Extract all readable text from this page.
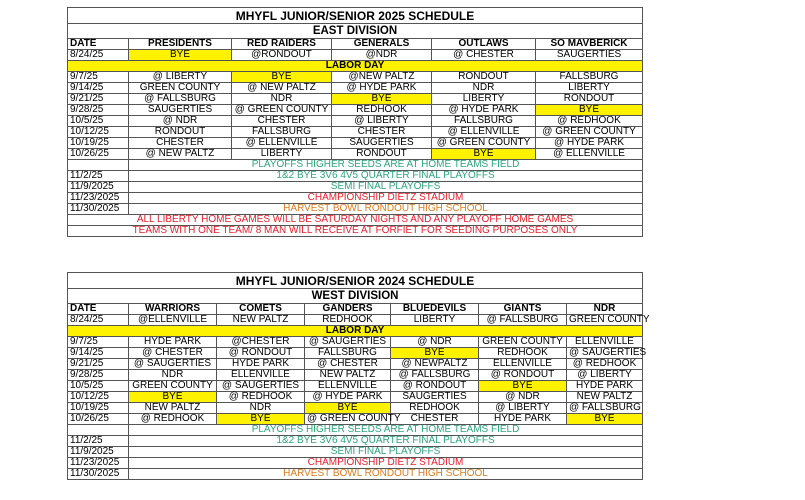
MHYFL JUNIOR/SENIOR 2025 SCHEDULE					
EAST DIVISION					
DATE	PRESIDENTS	RED RAIDERS	GENERALS	OUTLAWS	SO MAVBERICK
8/24/25	BYE	@RONDOUT	@NDR	@ CHESTER	SAUGERTIES
LABOR DAY					
9/7/25	@ LIBERTY	BYE	@NEW PALTZ	RONDOUT	FALLSBURG
9/14/25	GREEN COUNTY	@ NEW PALTZ	@ HYDE PARK	NDR	LIBERTY
9/21/25	@ FALLSBURG	NDR	BYE	LIBERTY	RONDOUT
9/28/25	SAUGERTIES	@ GREEN COUNTY	REDHOOK	@ HYDE PARK	BYE
10/5/25	@ NDR	CHESTER	@ LIBERTY	FALLSBURG	@ REDHOOK
10/12/25	RONDOUT	FALLSBURG	CHESTER	@ ELLENVILLE	@ GREEN COUNTY
10/19/25	CHESTER	@ ELLENVILLE	SAUGERTIES	@ GREEN COUNTY	@ HYDE PARK
10/26/25	@ NEW PALTZ	LIBERTY	RONDOUT	BYE	@ ELLENVILLE
	PLAYOFFS HIGHER SEEDS ARE AT HOME TEAMS FIELD				
11/2/25	1&2 BYE 3V6 4V5 QUARTER FINAL PLAYOFFS				
11/9/2025	SEMI FINAL PLAYOFFS				
11/23/2025	CHAMPIONSHIP DIETZ STADIUM				
11/30/2025	HARVEST BOWL RONDOUT HIGH SCHOOL				
ALL LIBERTY HOME GAMES WILL BE SATURDAY NIGHTS AND ANY PLAYOFF HOME GAMES					
TEAMS WITH ONE TEAM/ 8 MAN WILL RECEIVE AT FORFIET FOR SEEDING PURPOSES ONLY					
MHYFL JUNIOR/SENIOR 2024 SCHEDULE						
WEST DIVISION						
DATE	WARRIORS	COMETS	GANDERS	BLUEDEVILS	GIANTS	NDR
8/24/25	@ELLENVILLE	NEW PALTZ	REDHOOK	LIBERTY	@ FALLSBURG	GREEN COUNTY
LABOR DAY						
9/7/25	HYDE PARK	@CHESTER	@ SAUGERTIES	@ NDR	GREEN COUNTY	ELLENVILLE
9/14/25	@ CHESTER	@ RONDOUT	FALLSBURG	BYE	REDHOOK	@ SAUGERTIES
9/21/25	@ SAUGERTIES	HYDE PARK	@ CHESTER	@ NEWPALTZ	ELLENVILLE	@ REDHOOK
9/28/25	NDR	ELLENVILLE	NEW PALTZ	@ FALLSBURG	@ RONDOUT	@ LIBERTY
10/5/25	GREEN COUNTY	@ SAUGERTIES	ELLENVILLE	@ RONDOUT	BYE	HYDE PARK
10/12/25	BYE	@ REDHOOK	@ HYDE PARK	SAUGERTIES	@ NDR	NEW PALTZ
10/19/25	NEW PALTZ	NDR	BYE	REDHOOK	@ LIBERTY	@ FALLSBURG
10/26/25	@ REDHOOK	BYE	@ GREEN COUNTY	CHESTER	HYDE PARK	BYE
	PLAYOFFS HIGHER SEEDS ARE AT HOME TEAMS FIELD					
11/2/25	1&2 BYE 3V6 4V5 QUARTER FINAL PLAYOFFS					
11/9/2025	SEMI FINAL PLAYOFFS					
11/23/2025	CHAMPIONSHIP DIETZ STADIUM					
11/30/2025	HARVEST BOWL RONDOUT HIGH SCHOOL					
